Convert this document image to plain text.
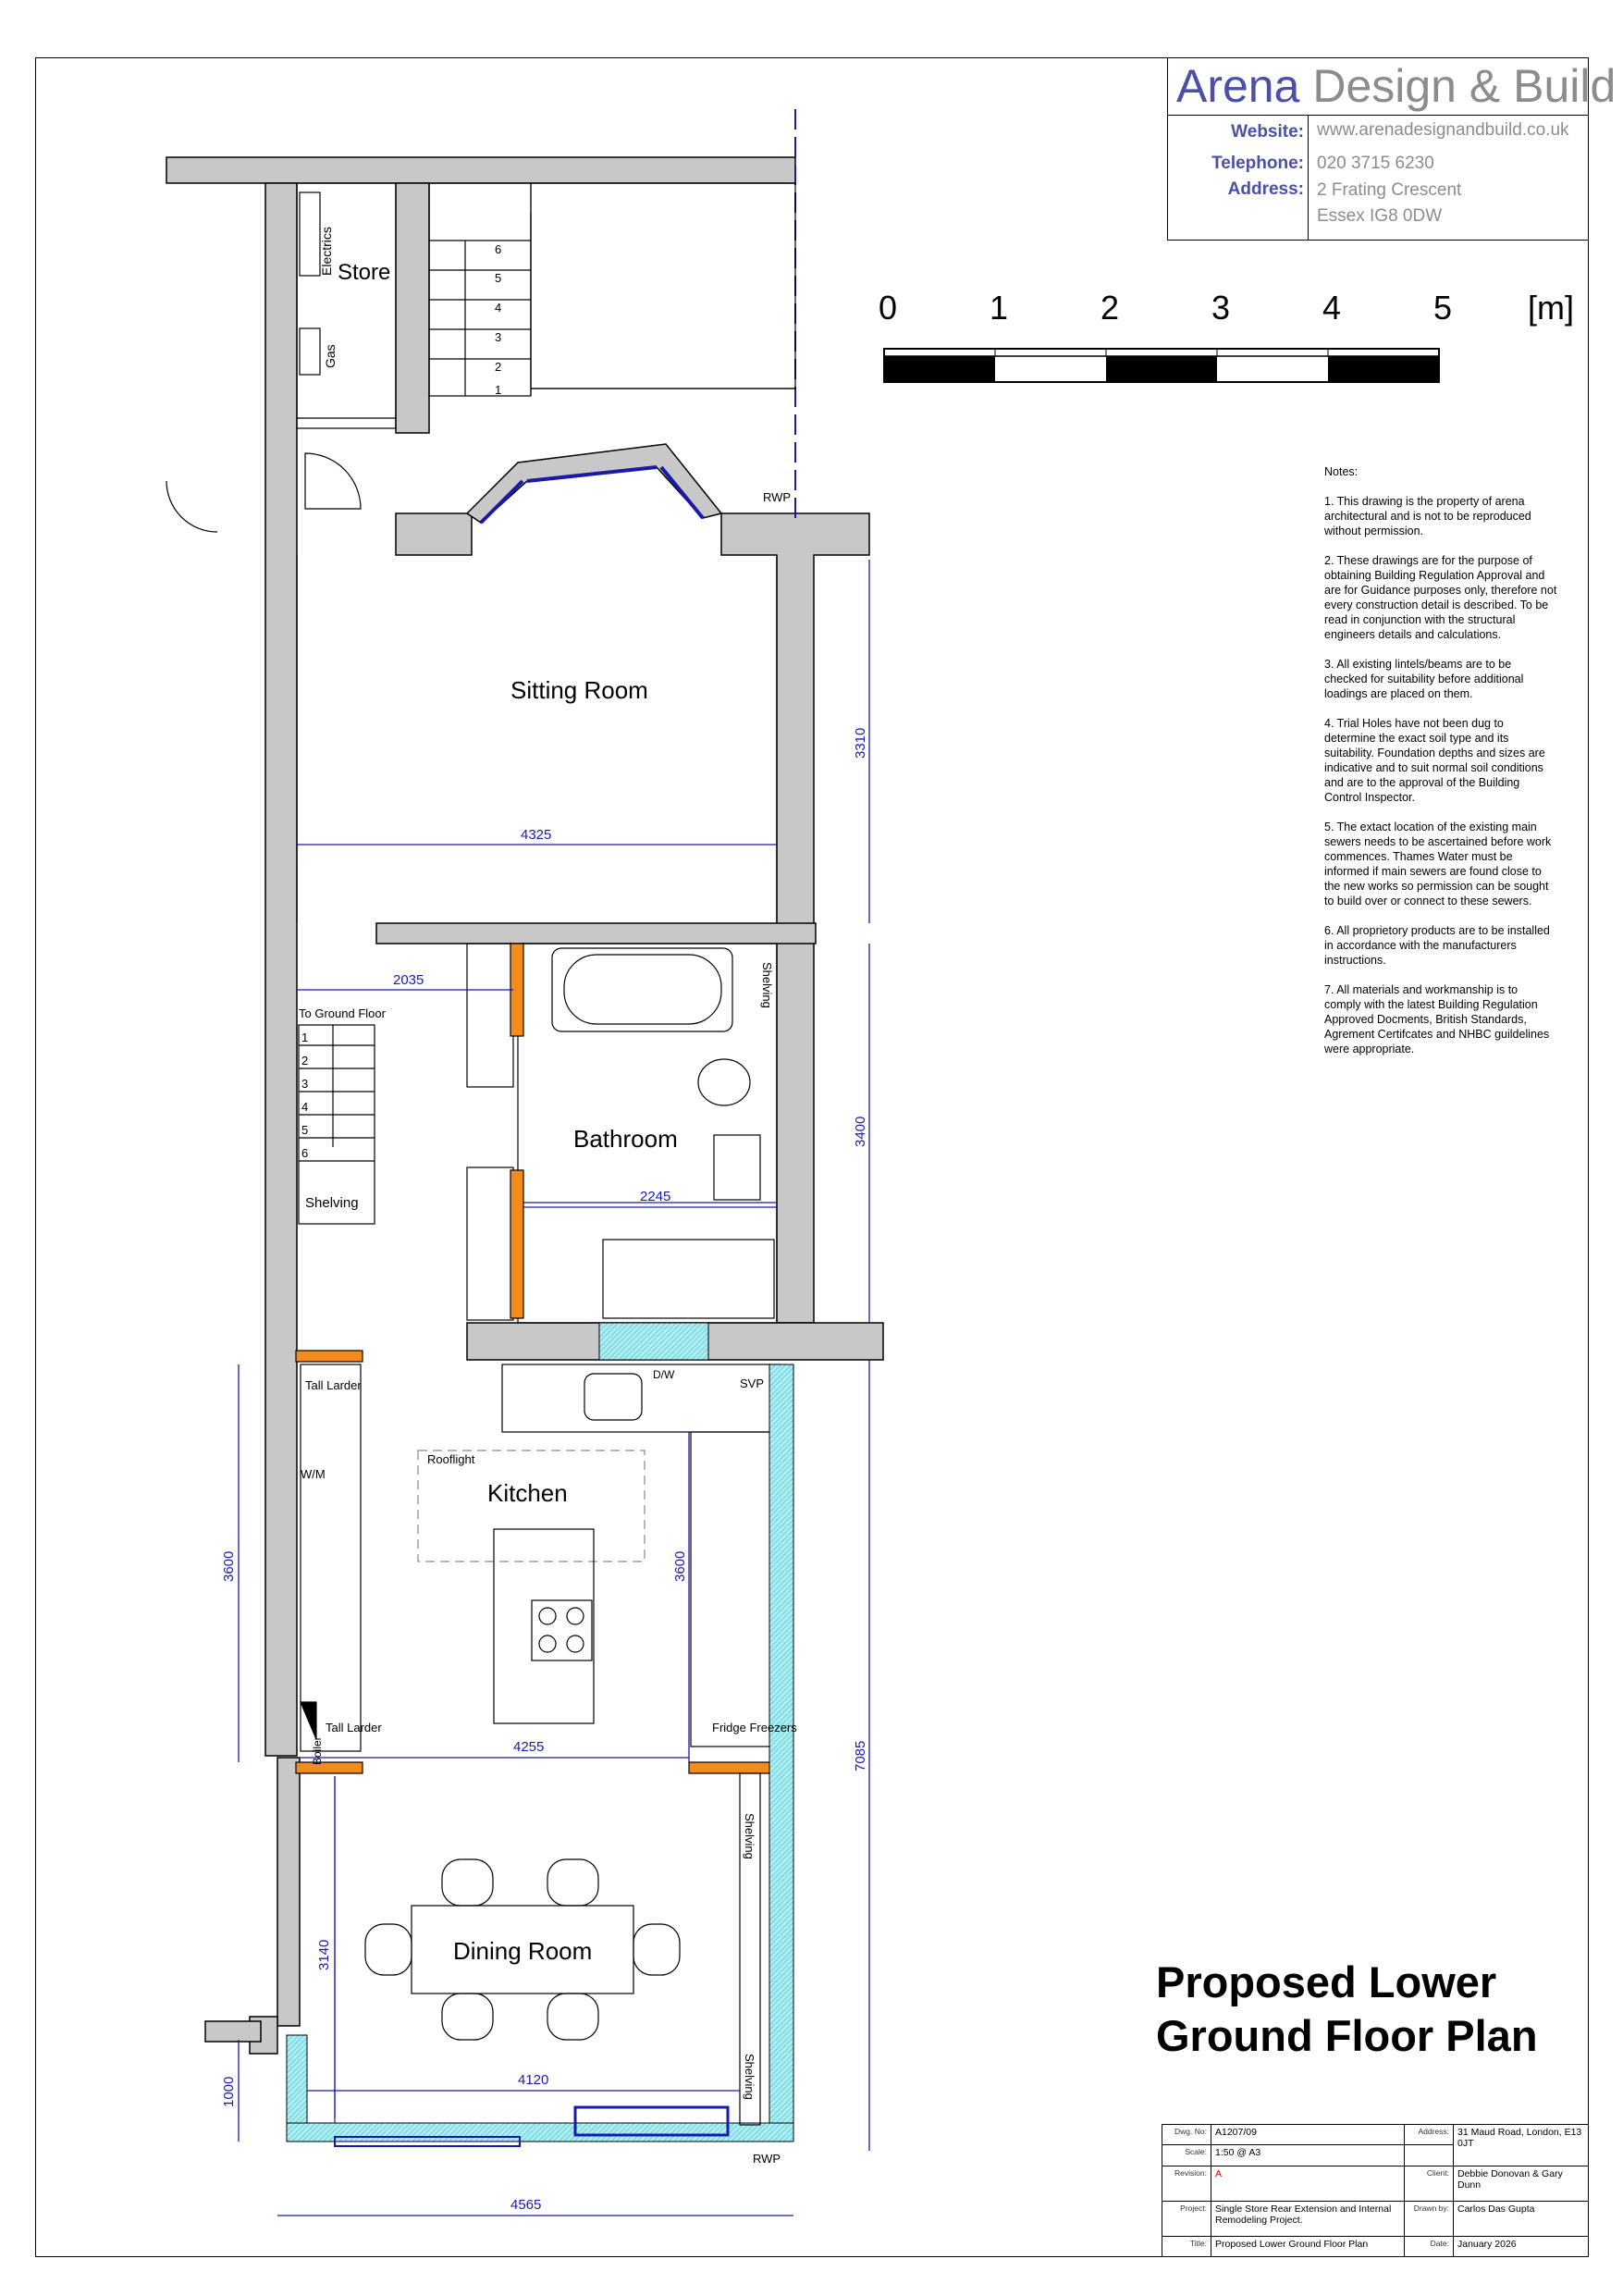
Arena Design & Build
Website: www.arenadesignandbuild.co.uk
Telephone: 020 3715 6230
Address: 2 Frating Crescent
Essex IG8 0DW

Notes:

1. This drawing is the property of arena architectural and is not to be reproduced without permission.

2. These drawings are for the purpose of obtaining Building Regulation Approval and are for Guidance purposes only, therefore not every construction detail is described. To be read in conjunction with the structural engineers details and calculations.

3. All existing lintels/beams are to be checked for suitability before additional loadings are placed on them.

4. Trial Holes have not been dug to determine the exact soil type and its suitability. Foundation depths and sizes are indicative and to suit normal soil conditions and are to the approval of the Building Control Inspector.

5. The extact location of the existing main sewers needs to be ascertained before work commences. Thames Water must be informed if main sewers are found close to the new works so permission can be sought to build over or connect to these sewers.

6. All proprietory products are to be installed in accordance with the manufacturers instructions.

7. All materials and workmanship is to comply with the latest Building Regulation Approved Docments, British Standards, Agrement Certifcates and NHBC guildelines were appropriate.

Proposed Lower
Ground Floor Plan
Dwg. No:	A1207/09	Address:	31 Maud Road, London, E13 0JT
Scale:	1:50 @ A3		
Revision:	A	Client:	Debbie Donovan & Gary Dunn
Project:	Single Store Rear Extension and Internal Remodeling Project.	Drawn by:	Carlos Das Gupta
Title:	Proposed Lower Ground Floor Plan	Date:	January 2026
0	1	2	3	4	5 [m]
Store
Electrics
Gas
Sitting Room
Bathroom
Kitchen
Dining Room
To Ground Floor
Shelving
Shelving
Shelving
Shelving
Tall Larder
Tall Larder
W/M
Rooflight
Boiler
Fridge Freezers
D/W
SVP
RWP
RWP
6
5
4
3
2
1
1
2
3
4
5
6
4325
3310
2035
2245
3400
3600	3600
7085
4255
3140
4120
1000
4565
